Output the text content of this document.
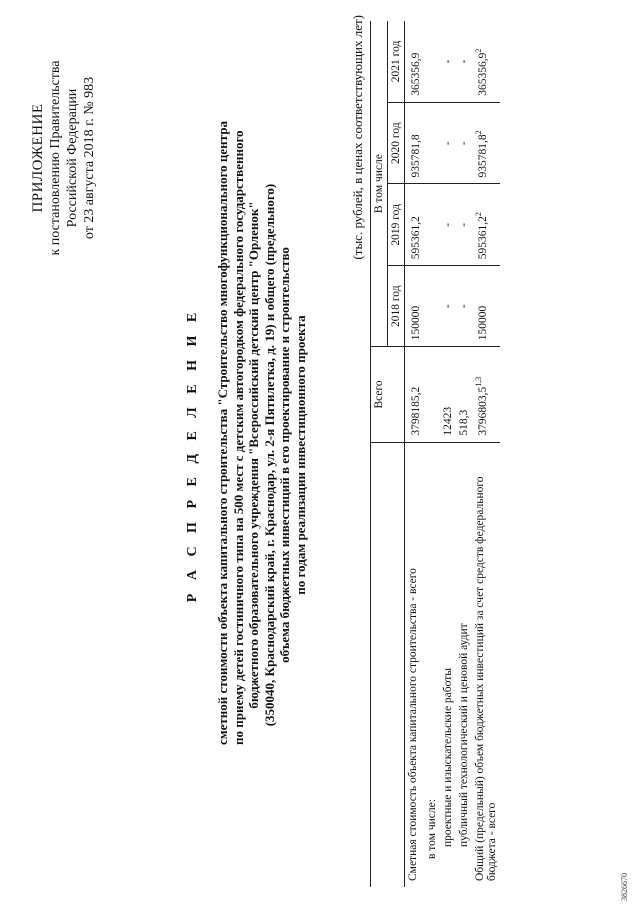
ПРИЛОЖЕНИЕ к постановлению Правительства Российской Федерации от 23 августа 2018 г. № 983
Р А С П Р Е Д Е Л Е Н И Е сметной стоимости объекта капитального строительства "Строительство многофункционального центра по приему детей гостиничного типа на 500 мест с детским автогородком федерального государственного бюджетного образовательного учреждения "Всероссийский детский центр "Орленок" (350040, Краснодарский край, г. Краснодар, ул. 2-я Пятилетка, д. 19) и общего (предельного) объема бюджетных инвестиций в его проектирование и строительство по годам реализации инвестиционного проекта
(тыс. рублей, в ценах соответствующих лет)
	Всего	В том числе			
		2018 год	2019 год	2020 год	2021 год
Сметная стоимость объекта капитального строительства - всего	3798185,2	150000	595361,2	935781,8	365356,9
в том числе:					
проектные и изыскательские работы	12423	-	-	-	-
публичный технологический и ценовой аудит	518,3	-	-	-	-
Общий (предельный) объем бюджетных инвестиций за счет средств федерального бюджета - всего	3796803,5$^{1,3}$	150000	595361,2$^2$	935781,8$^2$	365356,9$^2$
3826670
